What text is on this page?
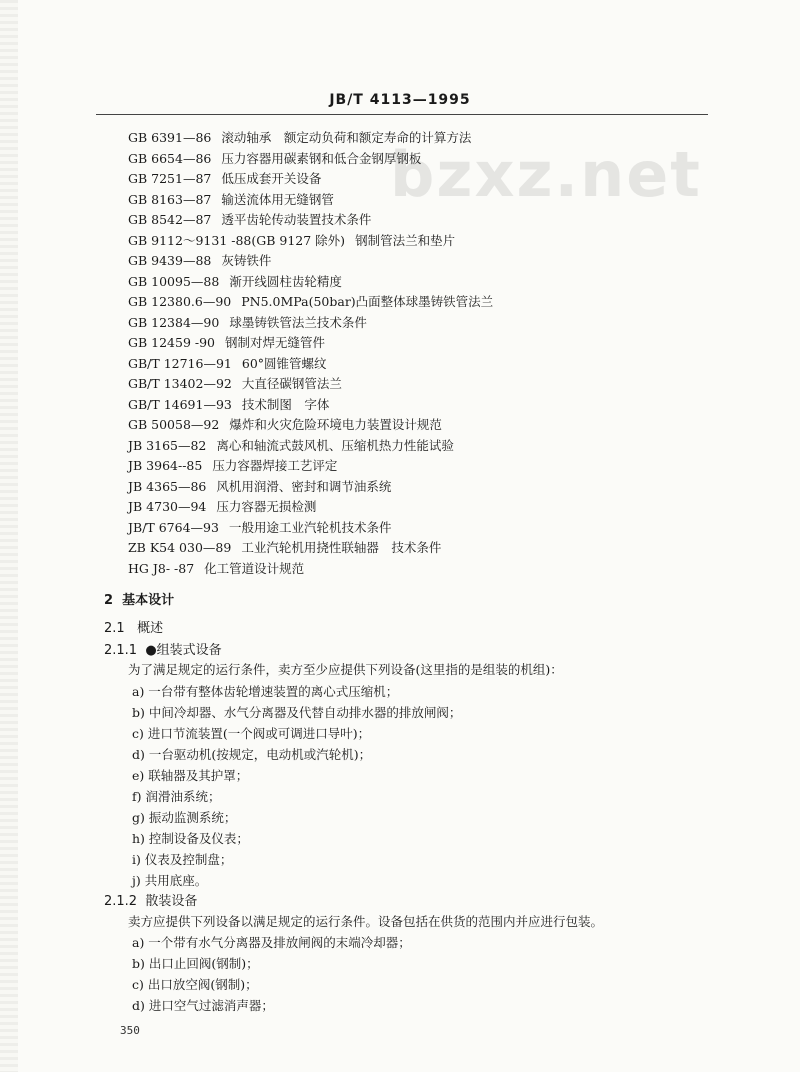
JB/T 4113—1995
bzxz.net
GB 6391—86 滚动轴承　额定动负荷和额定寿命的计算方法
GB 6654—86 压力容器用碳素钢和低合金钢厚钢板
GB 7251—87 低压成套开关设备
GB 8163—87 输送流体用无缝钢管
GB 8542—87 透平齿轮传动装置技术条件
GB 9112～9131 -88(GB 9127 除外) 钢制管法兰和垫片
GB 9439—88 灰铸铁件
GB 10095—88 渐开线圆柱齿轮精度
GB 12380.6—90 PN5.0MPa(50bar)凸面整体球墨铸铁管法兰
GB 12384—90 球墨铸铁管法兰技术条件
GB 12459 -90 钢制对焊无缝管件
GB/T 12716—91 60°圆锥管螺纹
GB/T 13402—92 大直径碳钢管法兰
GB/T 14691—93 技术制图　字体
GB 50058—92 爆炸和火灾危险环境电力装置设计规范
JB 3165—82 离心和轴流式鼓风机、压缩机热力性能试验
JB 3964--85 压力容器焊接工艺评定
JB 4365—86 风机用润滑、密封和调节油系统
JB 4730—94 压力容器无损检测
JB/T 6764—93 一般用途工业汽轮机技术条件
ZB K54 030—89 工业汽轮机用挠性联轴器　技术条件
HG J8- -87 化工管道设计规范
2 基本设计
2.1 概述
2.1.1 ●组装式设备
为了满足规定的运行条件，卖方至少应提供下列设备(这里指的是组装的机组)：
a) 一台带有整体齿轮增速装置的离心式压缩机；
b) 中间冷却器、水气分离器及代替自动排水器的排放闸阀；
c) 进口节流装置(一个阀或可调进口导叶)；
d) 一台驱动机(按规定，电动机或汽轮机)；
e) 联轴器及其护罩；
f) 润滑油系统；
g) 振动监测系统；
h) 控制设备及仪表；
i) 仪表及控制盘；
j) 共用底座。
2.1.2 散装设备
卖方应提供下列设备以满足规定的运行条件。设备包括在供货的范围内并应进行包装。
a) 一个带有水气分离器及排放闸阀的末端冷却器；
b) 出口止回阀(钢制)；
c) 出口放空阀(钢制)；
d) 进口空气过滤消声器；
350
